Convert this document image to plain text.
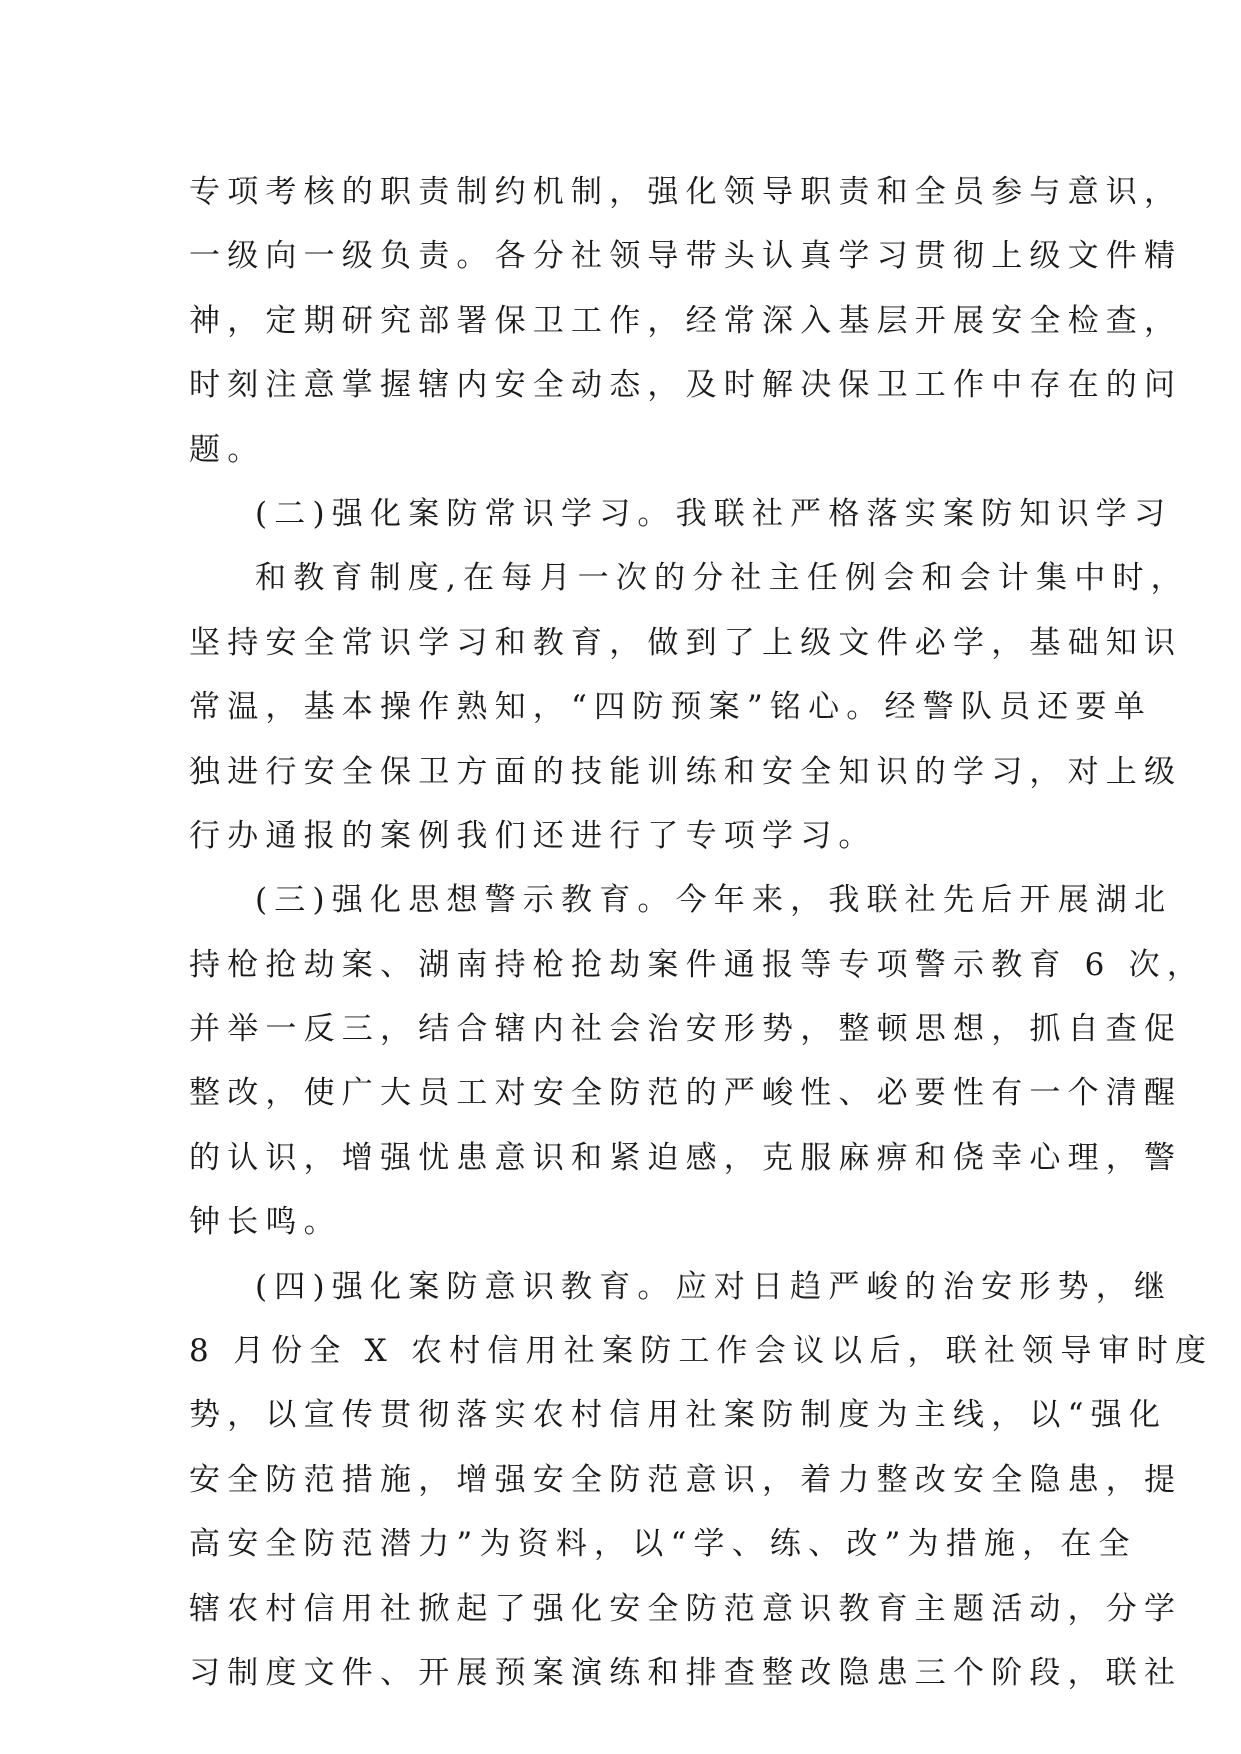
专项考核的职责制约机制，强化领导职责和全员参与意识，
一级向一级负责。各分社领导带头认真学习贯彻上级文件精
神，定期研究部署保卫工作，经常深入基层开展安全检查，
时刻注意掌握辖内安全动态，及时解决保卫工作中存在的问
题。
(二)强化案防常识学习。我联社严格落实案防知识学习
和教育制度,在每月一次的分社主任例会和会计集中时，
坚持安全常识学习和教育，做到了上级文件必学，基础知识
常温，基本操作熟知，“四防预案”铭心。经警队员还要单
独进行安全保卫方面的技能训练和安全知识的学习，对上级
行办通报的案例我们还进行了专项学习。
(三)强化思想警示教育。今年来，我联社先后开展湖北
持枪抢劫案、湖南持枪抢劫案件通报等专项警示教育 6 次，
并举一反三，结合辖内社会治安形势，整顿思想，抓自查促
整改，使广大员工对安全防范的严峻性、必要性有一个清醒
的认识，增强忧患意识和紧迫感，克服麻痹和侥幸心理，警
钟长鸣。
(四)强化案防意识教育。应对日趋严峻的治安形势，继
8 月份全 X 农村信用社案防工作会议以后，联社领导审时度
势，以宣传贯彻落实农村信用社案防制度为主线，以“强化
安全防范措施，增强安全防范意识，着力整改安全隐患，提
高安全防范潜力”为资料，以“学、练、改”为措施，在全
辖农村信用社掀起了强化安全防范意识教育主题活动，分学
习制度文件、开展预案演练和排查整改隐患三个阶段，联社
